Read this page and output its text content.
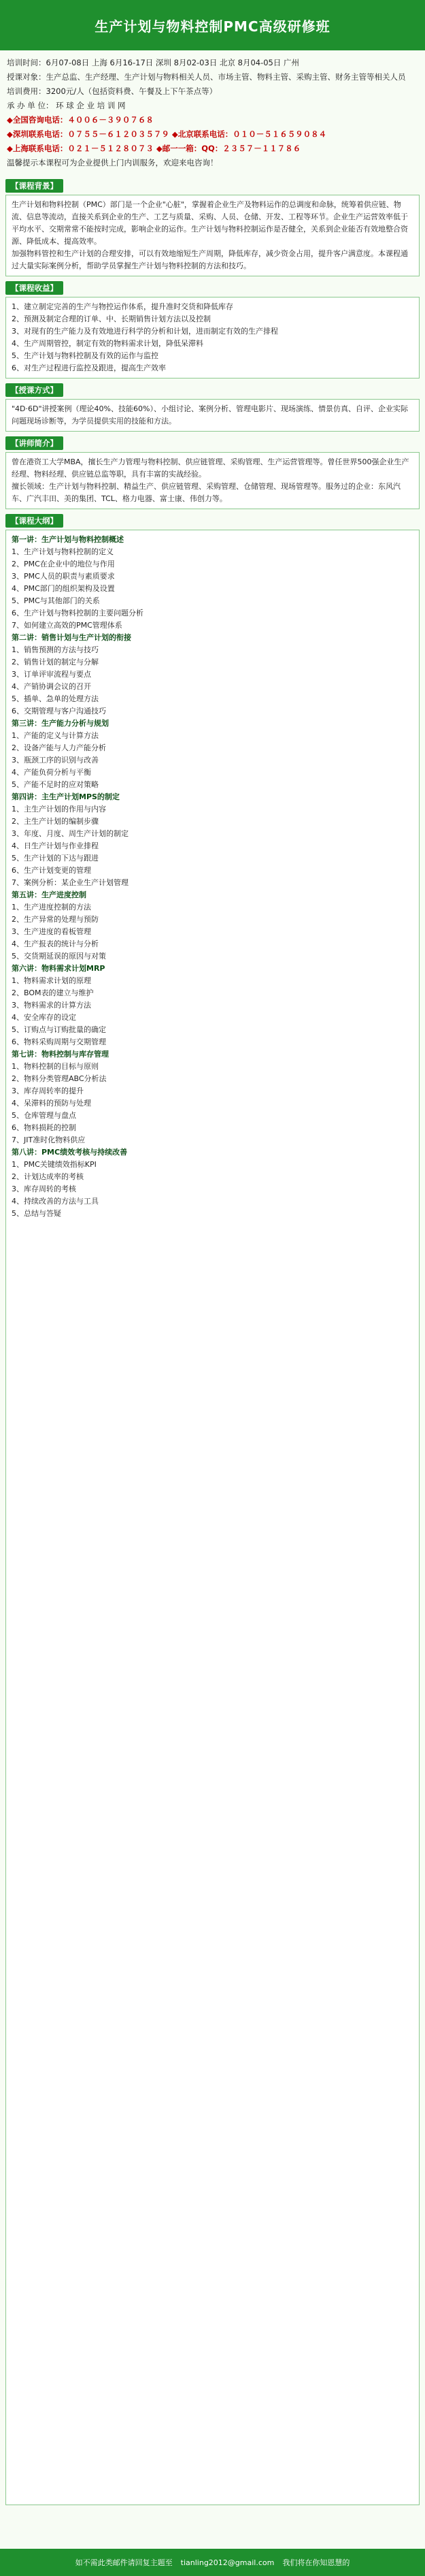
生产计划与物料控制PMC高级研修班
培训时间：6月07-08日 上海 6月16-17日 深圳 8月02-03日 北京 8月04-05日 广州
授课对象：生产总监、生产经理、生产计划与物料相关人员、市场主管、物料主管、采购主管、财务主管等相关人员
培训费用：3200元/人（包括资料费、午餐及上下午茶点等）
承 办 单 位： 环 球 企 业 培 训 网
◆全国咨询电话：４００６－３９０７６８
◆深圳联系电话：０７５５－６１２０３５７９ ◆北京联系电话：０１０－５１６５９０８４
◆上海联系电话：０２１－５１２８０７３ ◆邮一一箱：QQ：２３５７－１１７８６
温馨提示本课程可为企业提供上门内训服务，欢迎来电咨询！
【课程背景】

生产计划和物料控制（PMC）部门是一个企业"心脏"，掌握着企业生产及物料运作的总调度和命脉，统筹着供应链、物流、信息等流动，直接关系到企业的生产、工艺与质量、采购、人员、仓储、开发、工程等环节。企业生产运营效率低于平均水平、交期常常不能按时完成，影响企业的运作。生产计划与物料控制运作是否健全，关系到企业能否有效地整合资源、降低成本、提高效率。

加强物料管控和生产计划的合理安排，可以有效地缩短生产周期，降低库存，减少资金占用，提升客户满意度。本课程通过大量实际案例分析，帮助学员掌握生产计划与物料控制的方法和技巧。

【课程收益】

1、建立制定完善的生产与物控运作体系，提升准时交货和降低库存

2、预测及制定合理的订单、中、长期销售计划方法以及控制

3、对现有的生产能力及有效地进行科学的分析和计划，进而制定有效的生产排程

4、生产周期管控，制定有效的物料需求计划，降低呆滞料

5、生产计划与物料控制及有效的运作与监控

6、对生产过程进行监控及跟进，提高生产效率

【授课方式】

"4D·6D"讲授案例（理论40%、技能60%）、小组讨论、案例分析、管理电影片、现场演练、情景仿真、自评、企业实际问题现场诊断等，为学员提供实用的技能和方法。

【讲师简介】

曾在港资工大学MBA，擅长生产力管理与物料控制、供应链管理、采购管理、生产运营管理等。曾任世界500强企业生产经理、物料经理、供应链总监等职，具有丰富的实战经验。

擅长领域：生产计划与物料控制、精益生产、供应链管理、采购管理、仓储管理、现场管理等。服务过的企业：东风汽车、广汽丰田、美的集团、TCL、格力电器、富士康、伟创力等。

【课程大纲】
第一讲：生产计划与物料控制概述
1、生产计划与物料控制的定义
2、PMC在企业中的地位与作用
3、PMC人员的职责与素质要求
4、PMC部门的组织架构及设置
5、PMC与其他部门的关系
6、生产计划与物料控制的主要问题分析
7、如何建立高效的PMC管理体系
第二讲：销售计划与生产计划的衔接
1、销售预测的方法与技巧
2、销售计划的制定与分解
3、订单评审流程与要点
4、产销协调会议的召开
5、插单、急单的处理方法
6、交期管理与客户沟通技巧
第三讲：生产能力分析与规划
1、产能的定义与计算方法
2、设备产能与人力产能分析
3、瓶颈工序的识别与改善
4、产能负荷分析与平衡
5、产能不足时的应对策略
第四讲：主生产计划MPS的制定
1、主生产计划的作用与内容
2、主生产计划的编制步骤
3、年度、月度、周生产计划的制定
4、日生产计划与作业排程
5、生产计划的下达与跟进
6、生产计划变更的管理
7、案例分析：某企业生产计划管理
第五讲：生产进度控制
1、生产进度控制的方法
2、生产异常的处理与预防
3、生产进度的看板管理
4、生产报表的统计与分析
5、交货期延误的原因与对策
第六讲：物料需求计划MRP
1、物料需求计划的原理
2、BOM表的建立与维护
3、物料需求的计算方法
4、安全库存的设定
5、订购点与订购批量的确定
6、物料采购周期与交期管理
第七讲：物料控制与库存管理
1、物料控制的目标与原则
2、物料分类管理ABC分析法
3、库存周转率的提升
4、呆滞料的预防与处理
5、仓库管理与盘点
6、物料损耗的控制
7、JIT准时化物料供应
第八讲：PMC绩效考核与持续改善
1、PMC关键绩效指标KPI
2、计划达成率的考核
3、库存周转的考核
4、持续改善的方法与工具
5、总结与答疑
如不需此类邮件请回复主题至 tianling2012@gmail.com 我们将在你知恩慧的
